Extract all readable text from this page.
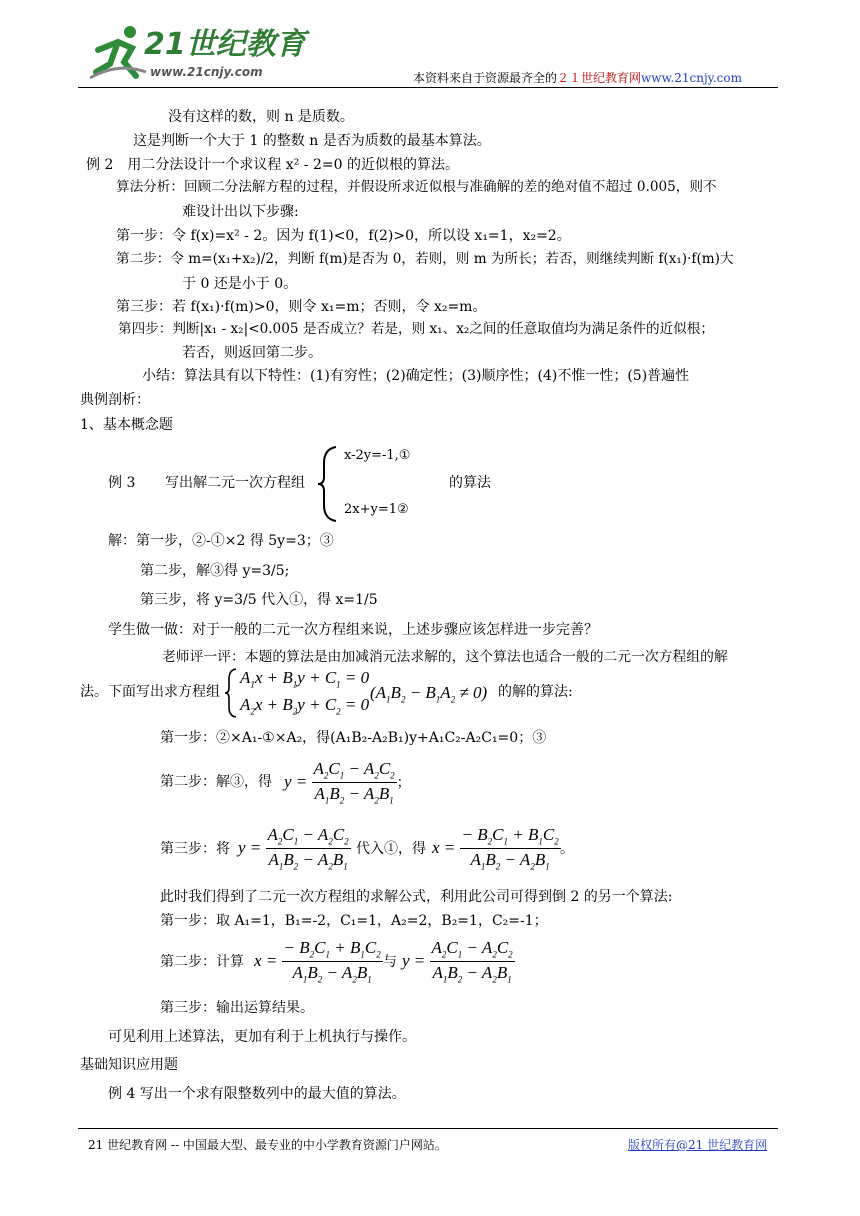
21世纪教育
www.21cnjy.com	本资料来自于资源最齐全的２１世纪教育网www.21cnjy.com
没有这样的数，则 n 是质数。
这是判断一个大于 1 的整数 n 是否为质数的最基本算法。
例 2　用二分法设计一个求议程 x² - 2=0 的近似根的算法。
算法分析：回顾二分法解方程的过程，并假设所求近似根与准确解的差的绝对值不超过 0.005，则不
难设计出以下步骤:
第一步：令 f(x)=x² - 2。因为 f(1)<0，f(2)>0，所以设 x₁=1，x₂=2。
第二步：令 m=(x₁+x₂)/2，判断 f(m)是否为 0，若则，则 m 为所长；若否，则继续判断 f(x₁)·f(m)大
于 0 还是小于 0。
第三步：若 f(x₁)·f(m)>0，则令 x₁=m；否则，令 x₂=m。
第四步：判断|x₁ - x₂|<0.005 是否成立？若是，则 x₁、x₂之间的任意取值均为满足条件的近似根；
若否，则返回第二步。
小结：算法具有以下特性：(1)有穷性；(2)确定性；(3)顺序性；(4)不惟一性；(5)普遍性
典例剖析：
1、基本概念题
例 3 写出解二元一次方程组
x-2y=-1,①
2x+y=1②
的算法
解：第一步，②-①×2 得 5y=3；③
第二步，解③得 y=3/5;
第三步，将 y=3/5 代入①，得 x=1/5
学生做一做：对于一般的二元一次方程组来说，上述步骤应该怎样进一步完善？
老师评一评：本题的算法是由加减消元法求解的，这个算法也适合一般的二元一次方程组的解
法。下面写出求方程组
$A_1x + B_1y + C_1 = 0$
$A_2x + B_2y + C_2 = 0$
$(A_1B_2 - B_1A_2 \ne 0)$ 的解的算法:
第一步：②×A₁-①×A₂，得(A₁B₂-A₂B₁)y+A₁C₂-A₂C₁=0；③
第二步：解③，得 $y = \frac{A_2C_1 - A_2C_2}{A_1B_2 - A_2B_1}$ ；
第三步：将 $y = \frac{A_2C_1 - A_2C_2}{A_1B_2 - A_2B_1}$ 代入①，得 $x = \frac{- B_2C_1 + B_1C_2}{A_1B_2 - A_2B_1}$ 。
此时我们得到了二元一次方程组的求解公式，利用此公司可得到倒 2 的另一个算法:
第一步：取 A₁=1，B₁=-2，C₁=1，A₂=2，B₂=1，C₂=-1；
第二步：计算 $x = \frac{- B_2C_1 + B_1C_2}{A_1B_2 - A_2B_1}$ 与 $y = \frac{A_2C_1 - A_2C_2}{A_1B_2 - A_2B_1}$
第三步：输出运算结果。
可见利用上述算法，更加有利于上机执行与操作。
基础知识应用题
例 4 写出一个求有限整数列中的最大值的算法。
21 世纪教育网 -- 中国最大型、最专业的中小学教育资源门户网站。	版权所有@21 世纪教育网
